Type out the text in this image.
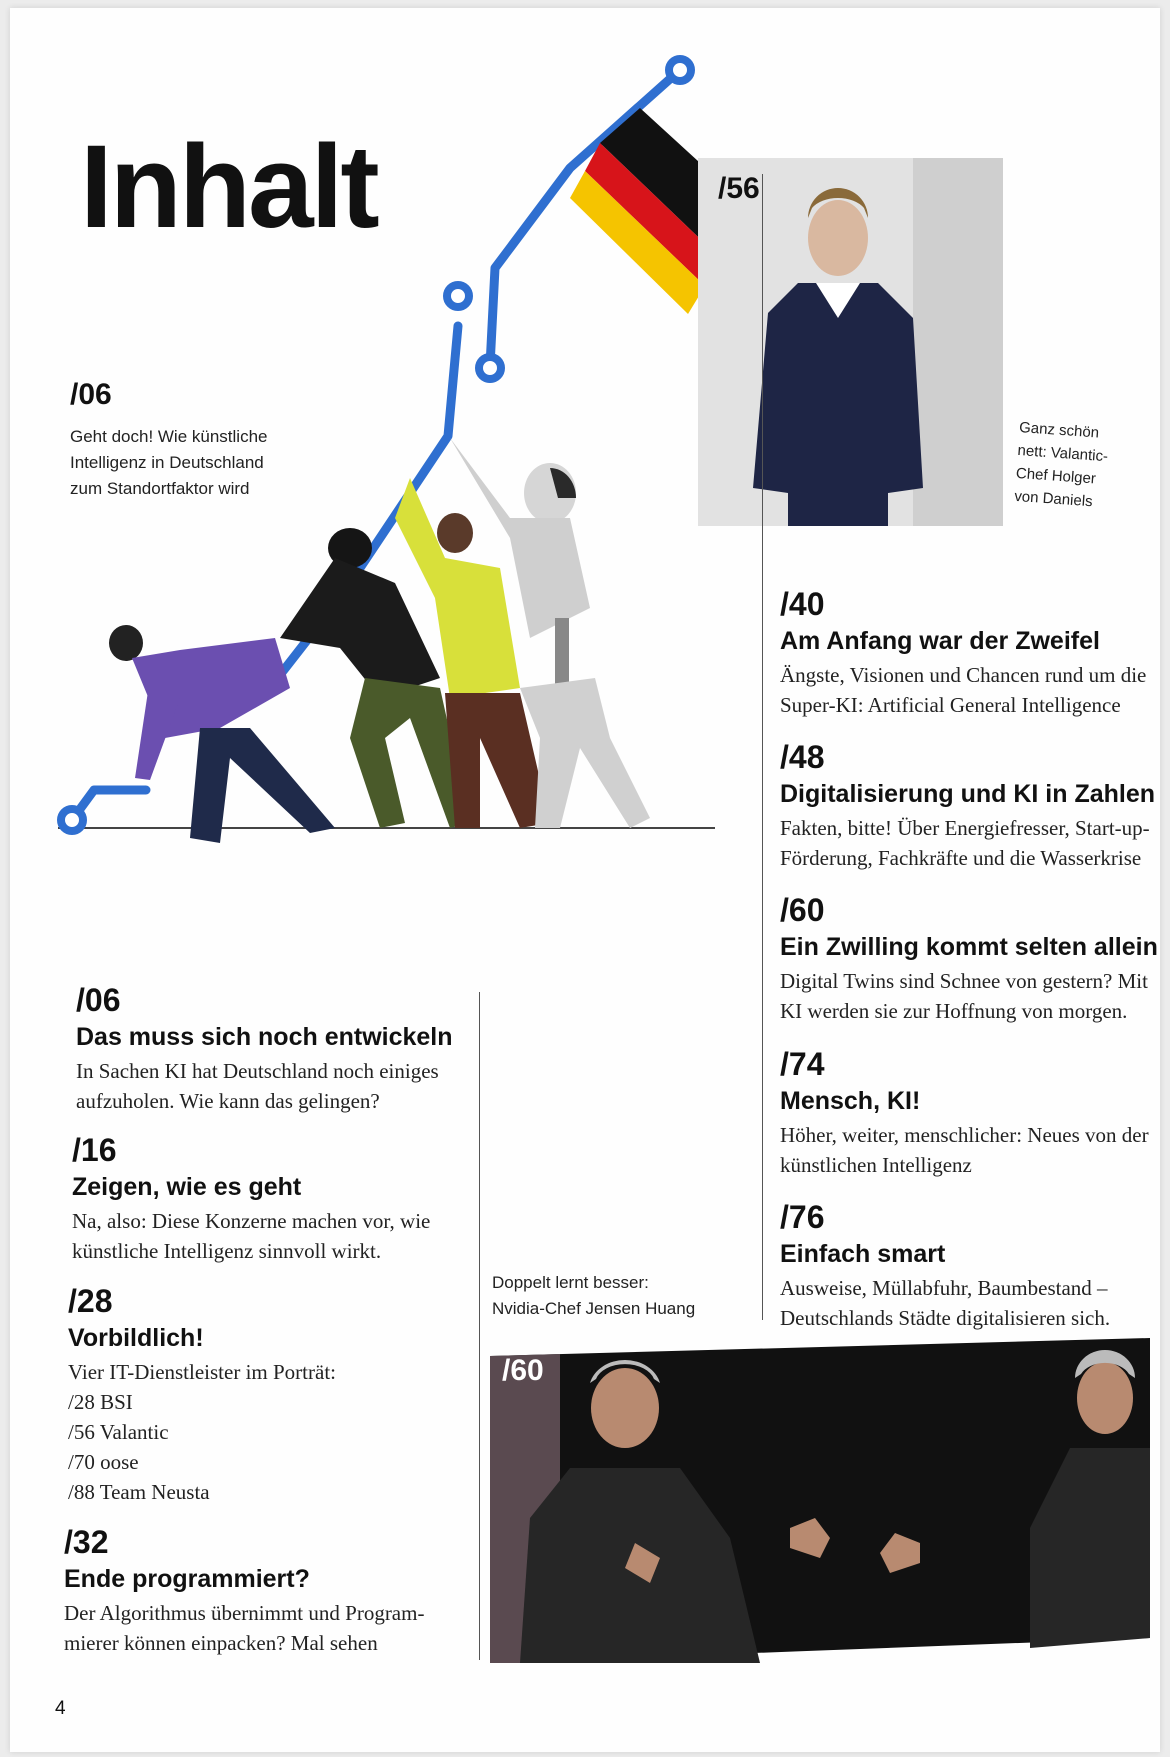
Inhalt
/06
Geht doch! Wie künstliche
Intelligenz in Deutschland
zum Standortfaktor wird
/56
Ganz schön
nett: Valantic-
Chef Holger
von Daniels
/40
Am Anfang war der Zweifel
Ängste, Visionen und Chancen rund um die
Super-KI: Artificial General Intelligence
/48
Digitalisierung und KI in Zahlen
Fakten, bitte! Über Energiefresser, Start-up-
Förderung, Fachkräfte und die Wasserkrise
/60
Ein Zwilling kommt selten allein
Digital Twins sind Schnee von gestern? Mit
KI werden sie zur Hoffnung von morgen.
/74
Mensch, KI!
Höher, weiter, menschlicher: Neues von der
künstlichen Intelligenz
/76
Einfach smart
Ausweise, Müllabfuhr, Baumbestand –
Deutschlands Städte digitalisieren sich.
/06
Das muss sich noch entwickeln
In Sachen KI hat Deutschland noch einiges
aufzuholen. Wie kann das gelingen?
/16
Zeigen, wie es geht
Na, also: Diese Konzerne machen vor, wie
künstliche Intelligenz sinnvoll wirkt.
/28
Vorbildlich!
Vier IT-Dienstleister im Porträt:
/28 BSI
/56 Valantic
/70 oose
/88 Team Neusta
/32
Ende programmiert?
Der Algorithmus übernimmt und Program-
mierer können einpacken? Mal sehen
Doppelt lernt besser:
Nvidia-Chef Jensen Huang
/60
4
